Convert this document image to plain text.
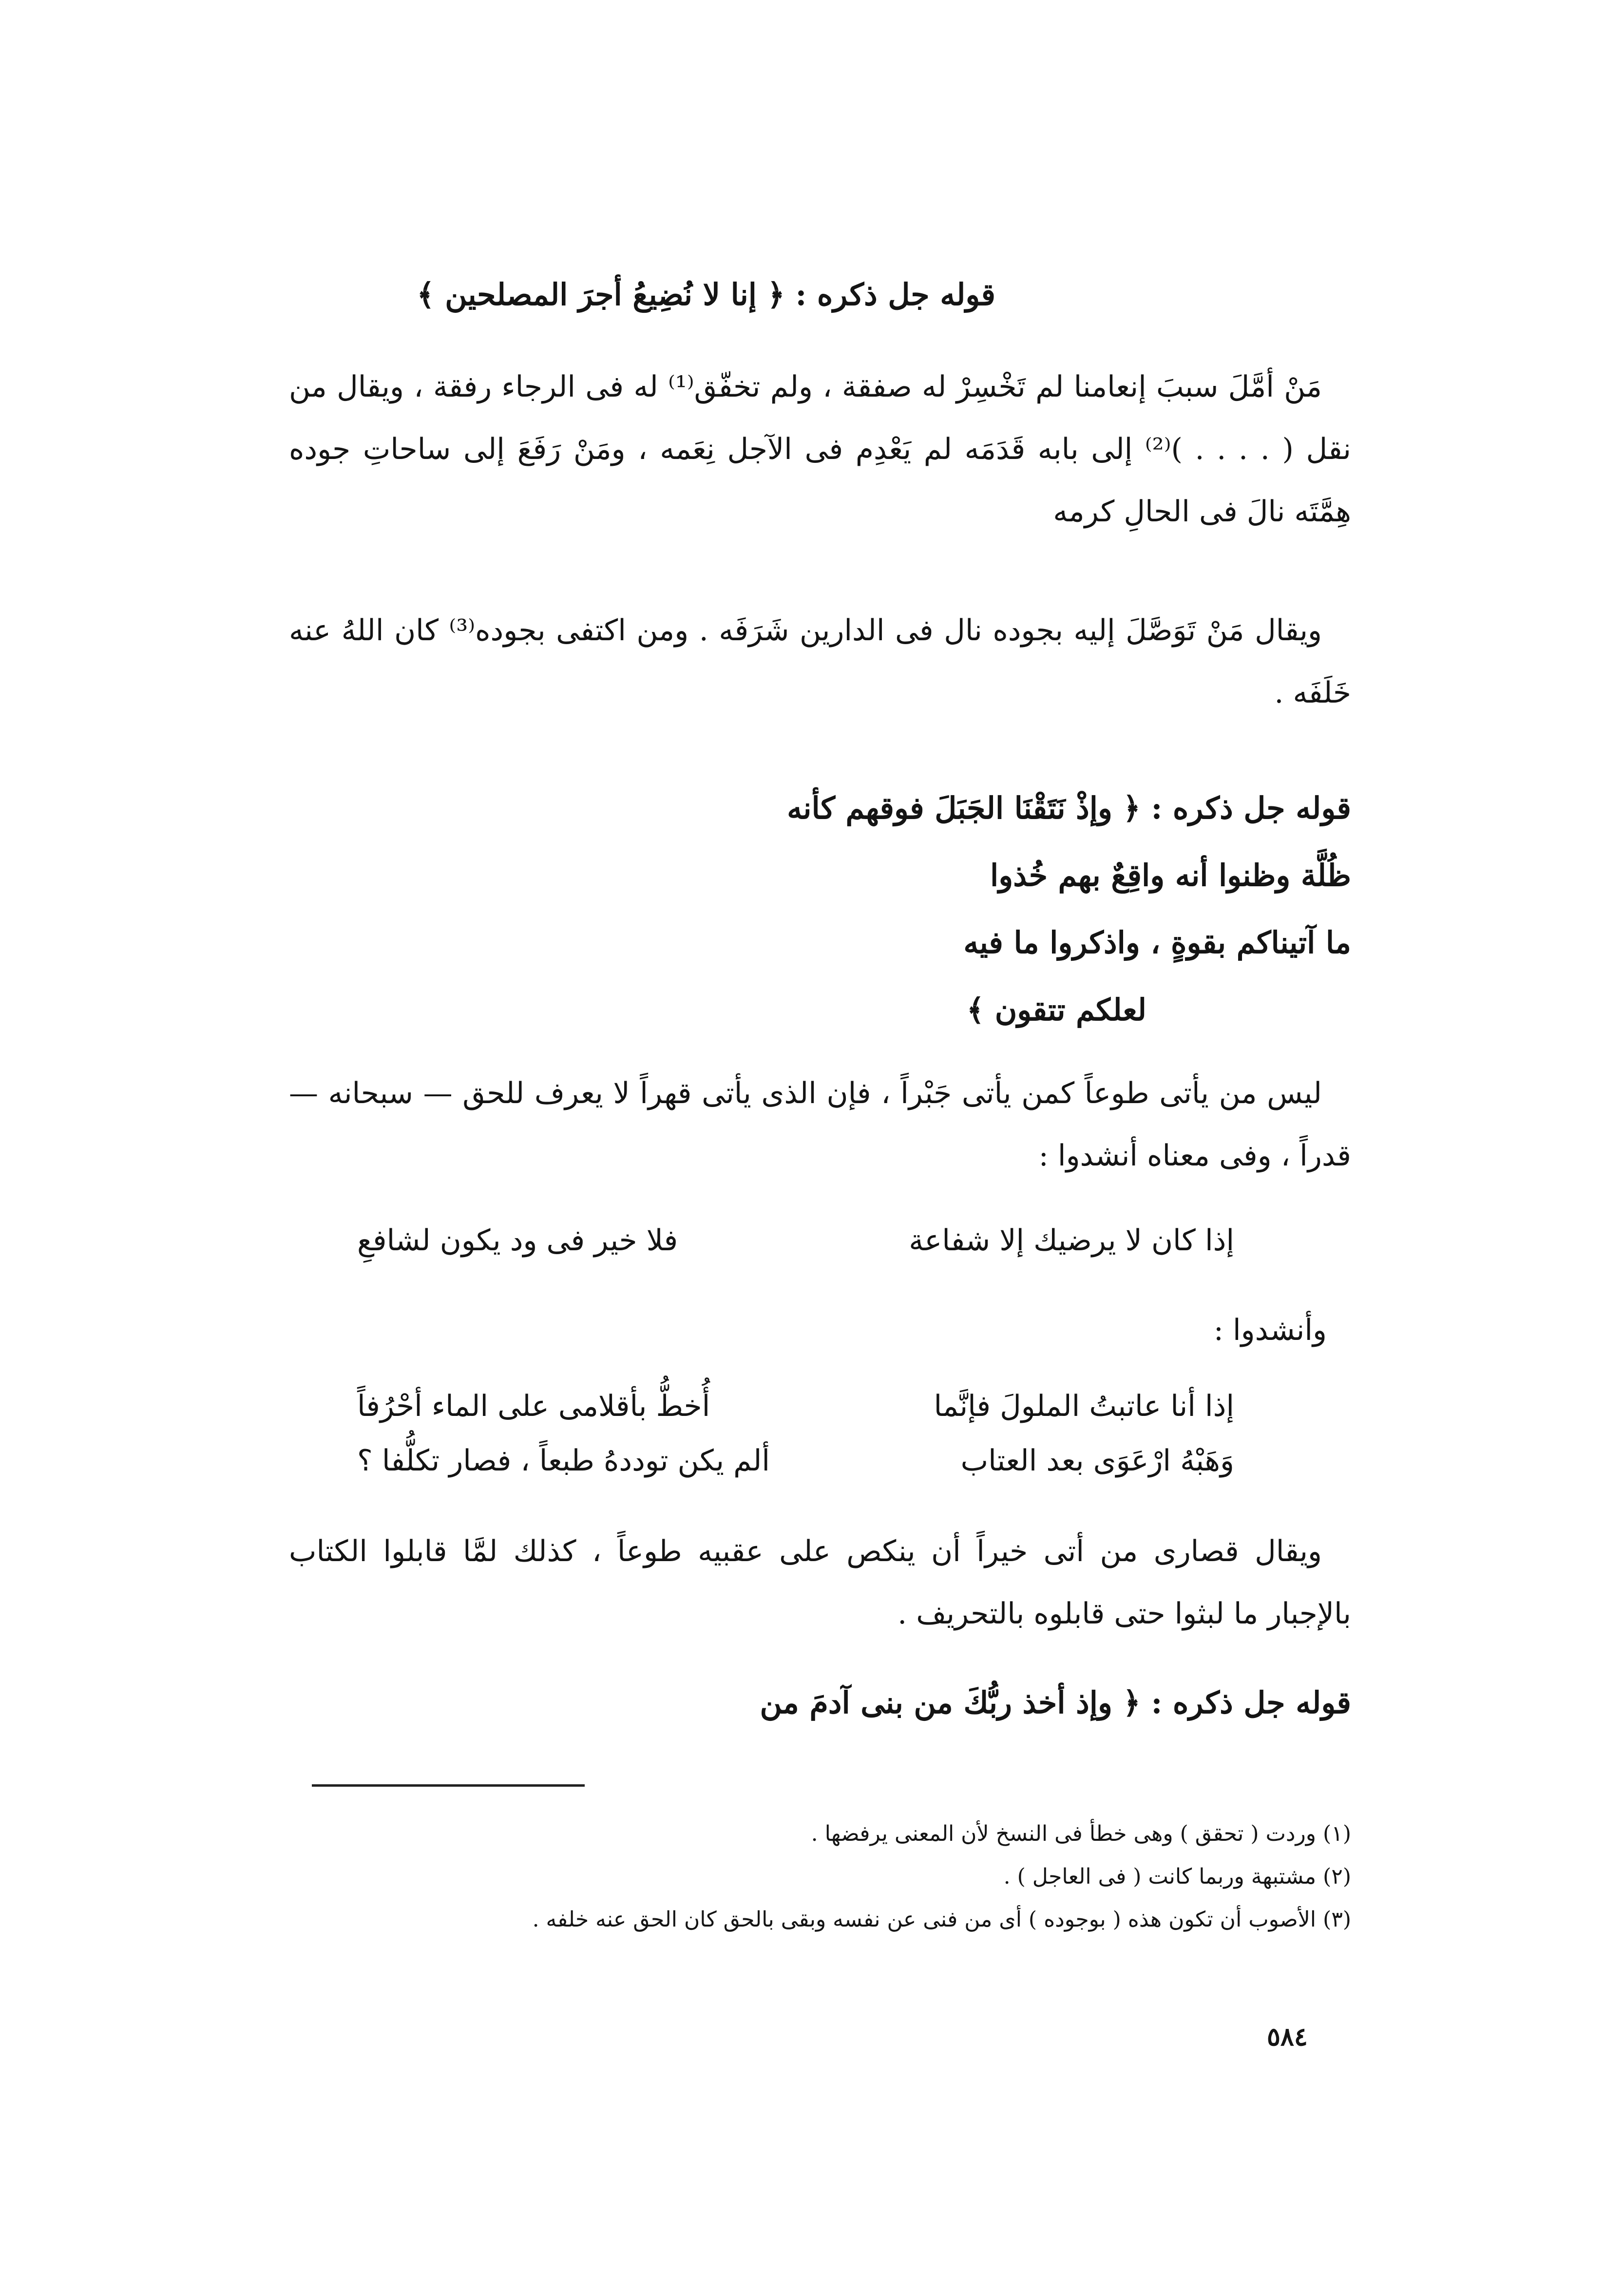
قوله جل ذكره : ﴿ إنا لا نُضِيعُ أجرَ المصلحين ﴾
مَنْ أمَّلَ سببَ إنعامنا لم تَخْسِرْ له صفقة ، ولم تخفّق⁽¹⁾ له فى الرجاء رفقة ، ويقال من نقل ( . . . . )⁽²⁾ إلى بابه قَدَمَه لم يَعْدِم فى الآجل نِعَمه ، ومَنْ رَفَعَ إلى ساحاتِ جوده هِمَّتَه نالَ فى الحالِ كرمه
ويقال مَنْ تَوَصَّلَ إليه بجوده نال فى الدارين شَرَفَه . ومن اكتفى بجوده⁽³⁾ كان اللهُ عنه خَلَفَه .
قوله جل ذكره : ﴿ وإذْ نَتَقْنَا الجَبَلَ فوقهم كأنه
ظُلَّة وظنوا أنه واقِعٌ بهم خُذوا
ما آتيناكم بقوةٍ ، واذكروا ما فيه
لعلكم تتقون ﴾
ليس من يأتى طوعاً كمن يأتى جَبْراً ، فإن الذى يأتى قهراً لا يعرف للحق — سبحانه — قدراً ، وفى معناه أنشدوا :
إذا كان لا يرضيك إلا شفاعة
فلا خير فى ود يكون لشافعِ
وأنشدوا :
إذا أنا عاتبتُ الملولَ فإنَّما
أُخطُّ بأقلامى على الماء أحْرُفاً
وَهَبْهُ ارْعَوَى بعد العتاب
ألم يكن توددهُ طبعاً ، فصار تكلُّفا ؟
ويقال قصارى من أتى خيراً أن ينكص على عقبيه طوعاً ، كذلك لمَّا قابلوا الكتاب بالإجبار ما لبثوا حتى قابلوه بالتحريف .
قوله جل ذكره : ﴿ وإذ أخذ ربُّكَ من بنى آدمَ من
(١) وردت ( تحقق ) وهى خطأ فى النسخ لأن المعنى يرفضها .
(٢) مشتبهة وربما كانت ( فى العاجل ) .
(٣) الأصوب أن تكون هذه ( بوجوده ) أى من فنى عن نفسه وبقى بالحق كان الحق عنه خلفه .
٥٨٤
